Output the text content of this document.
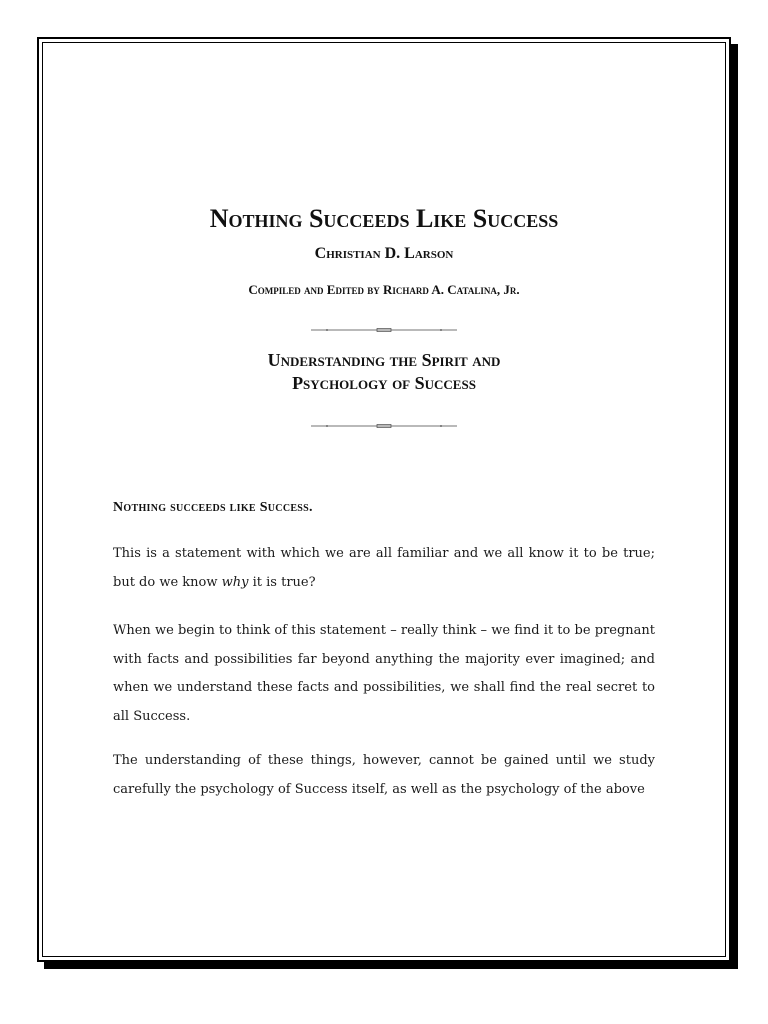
Nothing Succeeds Like Success
Christian D. Larson
Compiled and Edited by Richard A. Catalina, Jr.
Understanding the Spirit and
Psychology of Success
Nothing succeeds like Success.
This is a statement with which we are all familiar and we all know it to be true; but do we know why it is true?
When we begin to think of this statement – really think – we find it to be pregnant with facts and possibilities far beyond anything the majority ever imagined; and when we understand these facts and possibilities, we shall find the real secret to all Success.
The understanding of these things, however, cannot be gained until we study carefully the psychology of Success itself, as well as the psychology of the above
